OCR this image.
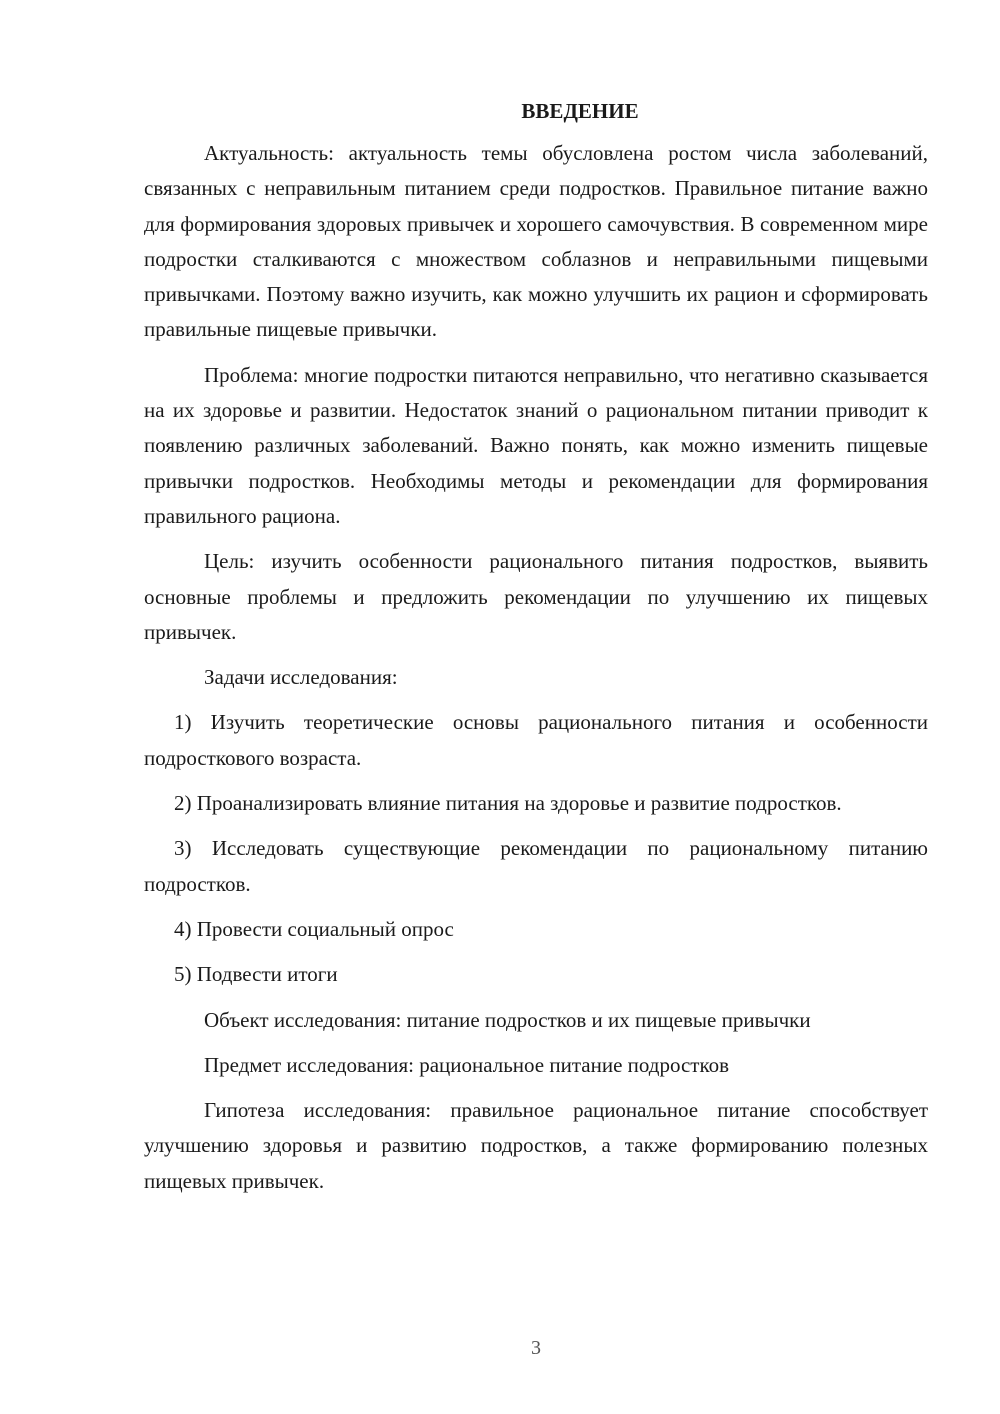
ВВЕДЕНИЕ

Актуальность: актуальность темы обусловлена ростом числа заболеваний, связанных с неправильным питанием среди подростков. Правильное питание важно для формирования здоровых привычек и хорошего самочувствия. В современном мире подростки сталкиваются с множеством соблазнов и неправильными пищевыми привычками. Поэтому важно изучить, как можно улучшить их рацион и сформировать правильные пищевые привычки.

Проблема: многие подростки питаются неправильно, что негативно сказывается на их здоровье и развитии. Недостаток знаний о рациональном питании приводит к появлению различных заболеваний. Важно понять, как можно изменить пищевые привычки подростков. Необходимы методы и рекомендации для формирования правильного рациона.

Цель: изучить особенности рационального питания подростков, выявить основные проблемы и предложить рекомендации по улучшению их пищевых привычек.

Задачи исследования:

1) Изучить теоретические основы рационального питания и особенности подросткового возраста.

2) Проанализировать влияние питания на здоровье и развитие подростков.

3) Исследовать существующие рекомендации по рациональному питанию подростков.

4) Провести социальный опрос

5) Подвести итоги

Объект исследования: питание подростков и их пищевые привычки

Предмет исследования: рациональное питание подростков

Гипотеза исследования: правильное рациональное питание способствует улучшению здоровья и развитию подростков, а также формированию полезных пищевых привычек.

3
